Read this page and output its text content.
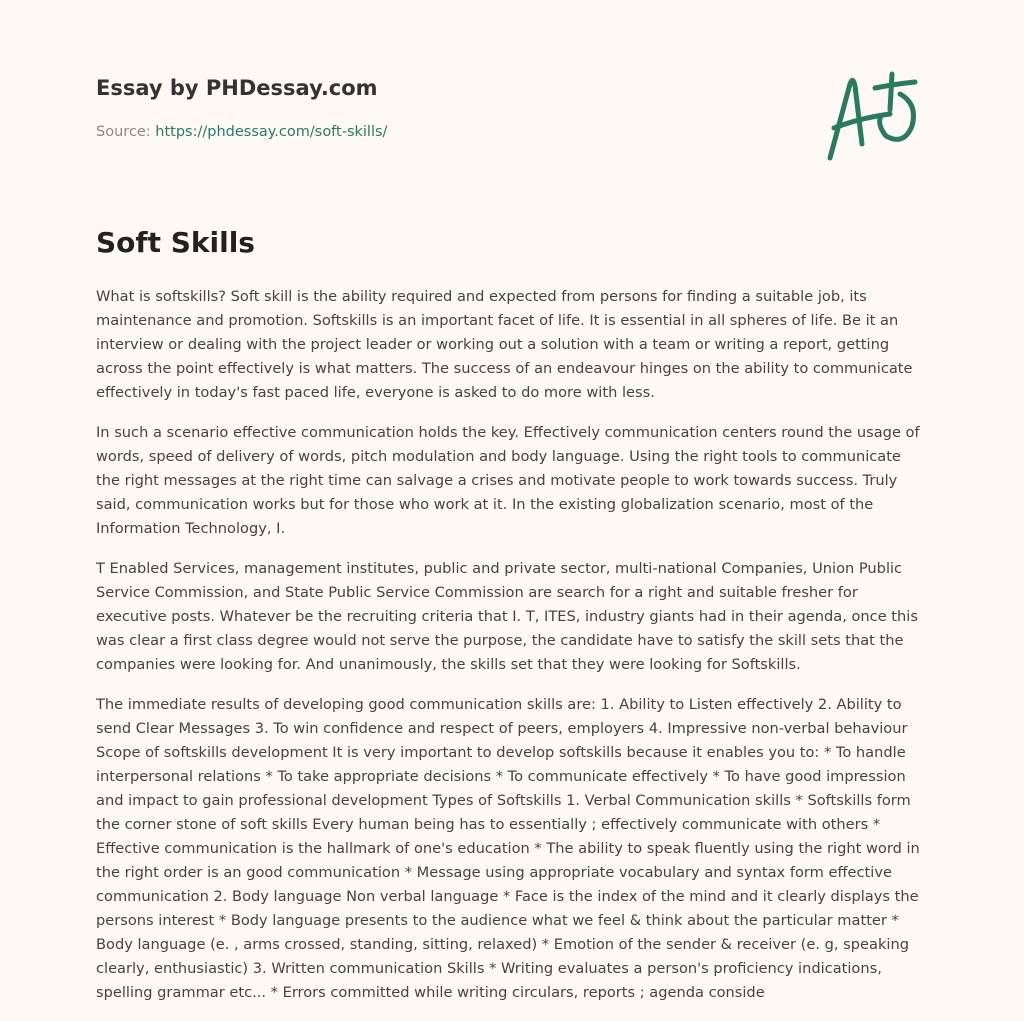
Essay by PHDessay.com

Source: https://phdessay.com/soft-skills/
Soft Skills

What is softskills? Soft skill is the ability required and expected from persons for finding a suitable job, its maintenance and promotion. Softskills is an important facet of life. It is essential in all spheres of life. Be it an interview or dealing with the project leader or working out a solution with a team or writing a report, getting across the point effectively is what matters. The success of an endeavour hinges on the ability to communicate effectively in today's fast paced life, everyone is asked to do more with less.

In such a scenario effective communication holds the key. Effectively communication centers round the usage of words, speed of delivery of words, pitch modulation and body language. Using the right tools to communicate the right messages at the right time can salvage a crises and motivate people to work towards success. Truly said, communication works but for those who work at it. In the existing globalization scenario, most of the Information Technology, I.

T Enabled Services, management institutes, public and private sector, multi-national Companies, Union Public Service Commission, and State Public Service Commission are search for a right and suitable fresher for executive posts. Whatever be the recruiting criteria that I. T, ITES, industry giants had in their agenda, once this was clear a first class degree would not serve the purpose, the candidate have to satisfy the skill sets that the companies were looking for. And unanimously, the skills set that they were looking for Softskills.

The immediate results of developing good communication skills are: 1. Ability to Listen effectively 2. Ability to send Clear Messages 3. To win confidence and respect of peers, employers 4. Impressive non-verbal behaviour Scope of softskills development It is very important to develop softskills because it enables you to: * To handle interpersonal relations * To take appropriate decisions * To communicate effectively * To have good impression and impact to gain professional development Types of Softskills 1. Verbal Communication skills * Softskills form the corner stone of soft skills Every human being has to essentially ; effectively communicate with others * Effective communication is the hallmark of one's education * The ability to speak fluently using the right word in the right order is an good communication * Message using appropriate vocabulary and syntax form effective communication 2. Body language Non verbal language * Face is the index of the mind and it clearly displays the persons interest * Body language presents to the audience what we feel & think about the particular matter * Body language (e. , arms crossed, standing, sitting, relaxed) * Emotion of the sender & receiver (e. g, speaking clearly, enthusiastic) 3. Written communication Skills * Writing evaluates a person's proficiency indications, spelling grammar etc... * Errors committed while writing circulars, reports ; agenda conside
